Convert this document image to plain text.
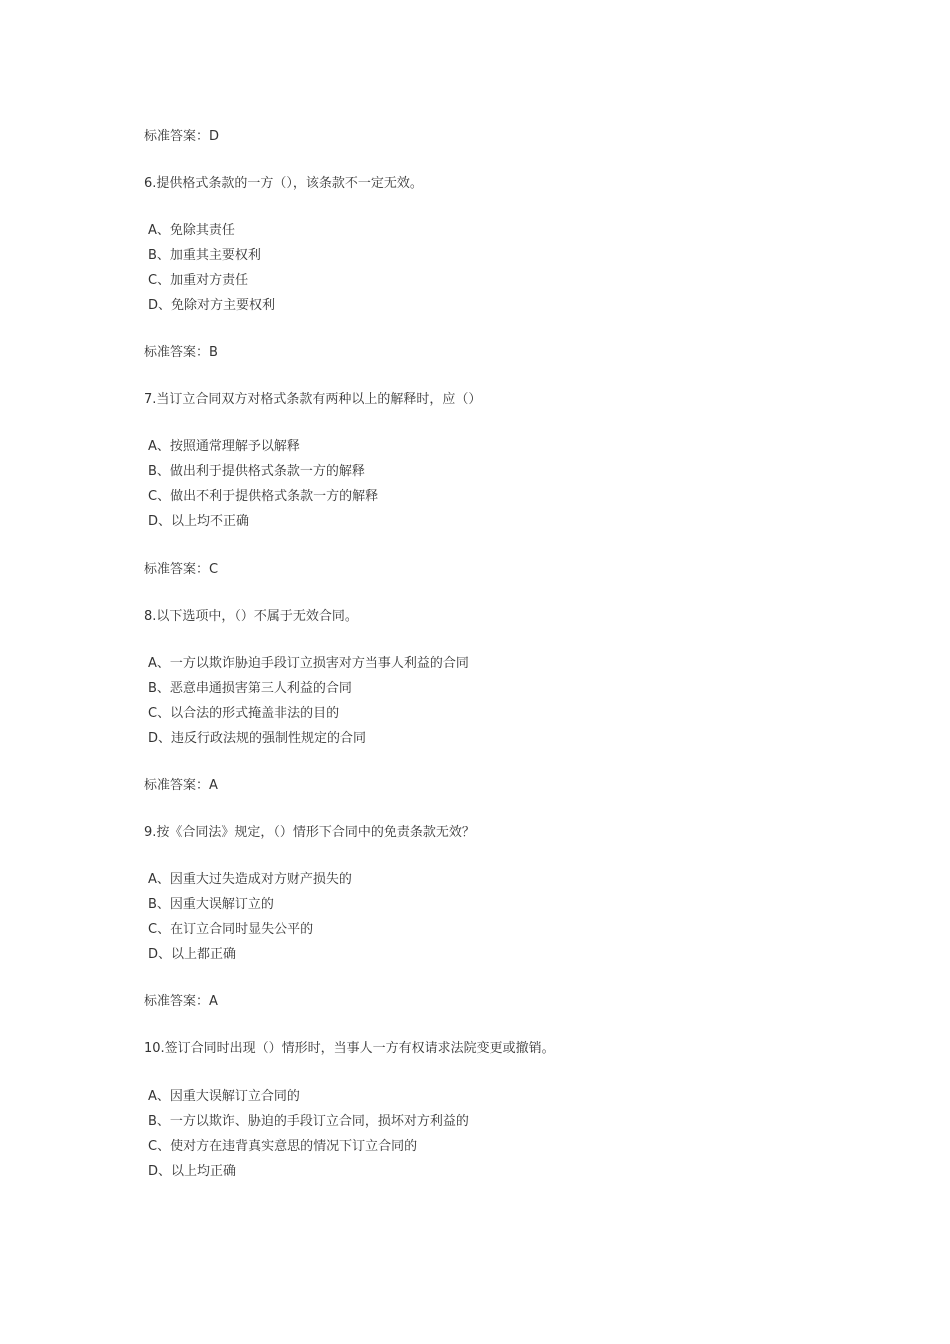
标准答案：D
6.提供格式条款的一方（），该条款不一定无效。
A、免除其责任
B、加重其主要权利
C、加重对方责任
D、免除对方主要权利
标准答案：B
7.当订立合同双方对格式条款有两种以上的解释时，应（）
A、按照通常理解予以解释
B、做出利于提供格式条款一方的解释
C、做出不利于提供格式条款一方的解释
D、以上均不正确
标准答案：C
8.以下选项中，（）不属于无效合同。
A、一方以欺诈胁迫手段订立损害对方当事人利益的合同
B、恶意串通损害第三人利益的合同
C、以合法的形式掩盖非法的目的
D、违反行政法规的强制性规定的合同
标准答案：A
9.按《合同法》规定，（）情形下合同中的免责条款无效？
A、因重大过失造成对方财产损失的
B、因重大误解订立的
C、在订立合同时显失公平的
D、以上都正确
标准答案：A
10.签订合同时出现（）情形时，当事人一方有权请求法院变更或撤销。
A、因重大误解订立合同的
B、一方以欺诈、胁迫的手段订立合同，损坏对方利益的
C、使对方在违背真实意思的情况下订立合同的
D、以上均正确
